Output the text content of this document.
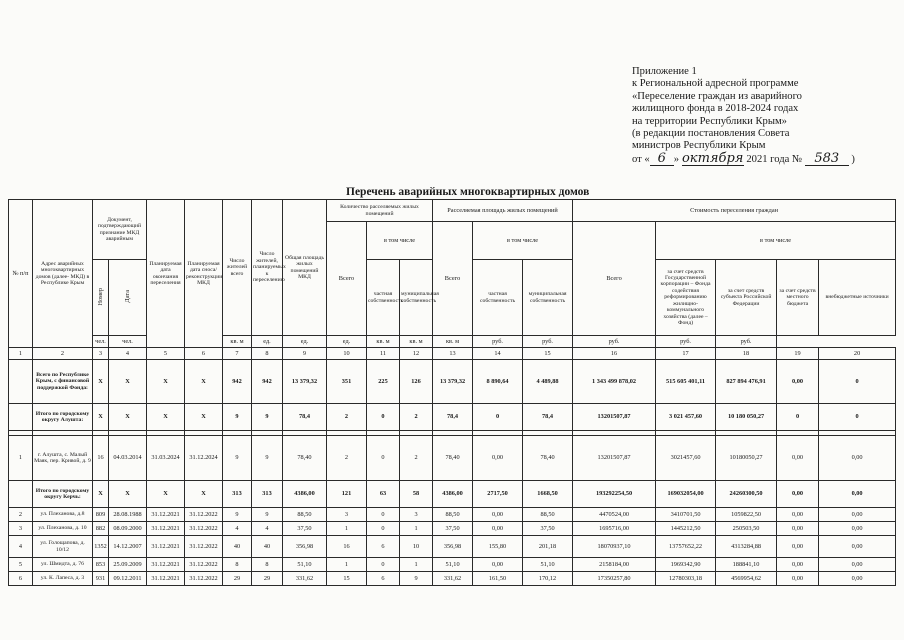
Приложение 1
к Региональной адресной программе
«Переселение граждан из аварийного
жилищного фонда в 2018-2024 годах
на территории Республики Крым»
(в редакции постановления Совета
министров Республики Крым
от « 6 » октября 2021 года № 583 )
Перечень аварийных многоквартирных домов
№ п/п	Адрес аварийных многоквартирных домов (далее- МКД) в Республике Крым	Документ, подтверждающий признание МКД аварийным		Планируемая дата окончания переселения	Планируемая дата сноса/реконструкции МКД	Число жителей всего	Число жителей, планируемых к переселению	Общая площадь жилых помещений МКД	Количество расселяемых жилых помещений			Расселяемая площадь жилых помещений			Стоимость переселения граждан				
									Всего	в том числе		Всего	в том числе		Всего	в том числе			
		Номер	Дата							частная собственность	муниципальная собственность		частная собственность	муниципальная собственность		за счет средств Государственной корпорации – Фонда содействия реформированию жилищно-коммунального хозяйства (далее – Фонд)	за счет средств субъекта Российской Федерации	за счет средств местного бюджета	внебюджетные источники
		чел.	чел.			кв. м	ед.	ед.	ед.	кв. м	кв. м	кв. м	руб.	руб.	руб.	руб.	руб.		
1	2	3	4	5	6	7	8	9	10	11	12	13	14	15	16	17	18	19	20
	Всего по Республике Крым, с финансовой поддержкой Фонда:	X	X	X	X	942	942	13 379,32	351	225	126	13 379,32	8 890,64	4 489,88	1 343 499 878,02	515 605 401,11	827 894 476,91	0,00	0
	Итого по городскому округу Алушта:	X	X	X	X	9	9	78,4	2	0	2	78,4	0	78,4	13201507,87	3 021 457,60	10 180 050,27	0	0

1	г. Алушта, с. Малый Маяк, пер. Кривой, д. 9	16	04.03.2014	31.03.2024	31.12.2024	9	9	78,40	2	0	2	78,40	0,00	78,40	13201507,87	3021457,60	10180050,27	0,00	0,00
	Итого по городскому округу Керчь:	X	X	X	X	313	313	4386,00	121	63	58	4386,00	2717,50	1668,50	193292254,50	169032054,00	24260300,50	0,00	0,00
2	ул. Плеханова, д.8	809	28.08.1988	31.12.2021	31.12.2022	9	9	88,50	3	0	3	88,50	0,00	88,50	4470524,00	3410701,50	1059822,50	0,00	0,00
3	ул. Плеханова, д. 10	882	08.09.2000	31.12.2021	31.12.2022	4	4	37,50	1	0	1	37,50	0,00	37,50	1695716,00	1445212,50	250503,50	0,00	0,00
4	ул. Голощапова, д. 10/12	1352	14.12.2007	31.12.2021	31.12.2022	40	40	356,98	16	6	10	356,98	155,80	201,18	18070937,10	13757652,22	4313284,88	0,00	0,00
5	ул. Шмидта, д. 76	853	25.09.2009	31.12.2021	31.12.2022	8	8	51,10	1	0	1	51,10	0,00	51,10	2158184,00	1969342,90	188841,10	0,00	0,00
6	ул. К. Лапеса, д. 3	931	09.12.2011	31.12.2021	31.12.2022	29	29	331,62	15	6	9	331,62	161,50	170,12	17350257,80	12780303,18	4569954,62	0,00	0,00
